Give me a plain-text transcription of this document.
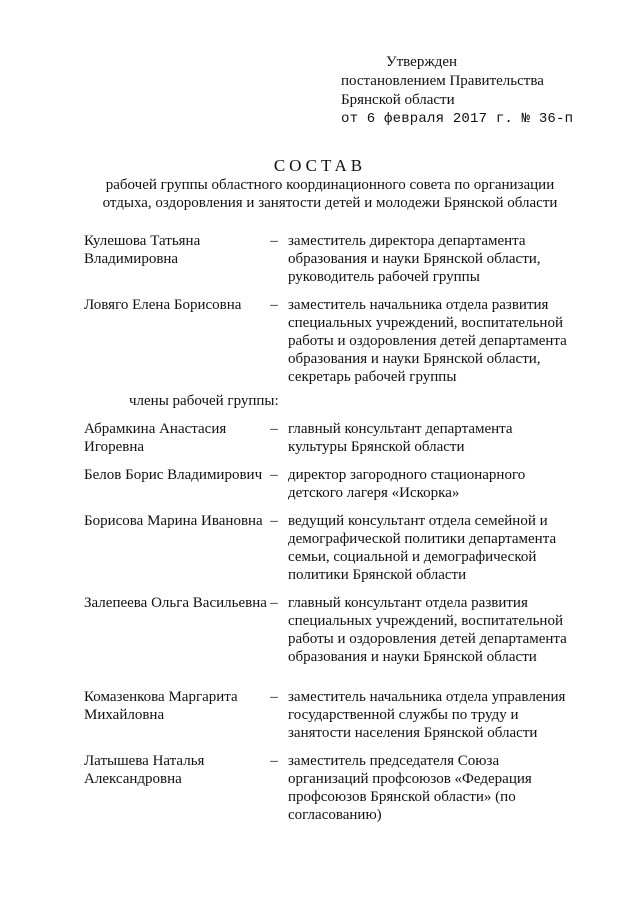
Утвержден
постановлением Правительства
Брянской области
от 6 февраля 2017 г. № 36-п
СОСТАВ
рабочей группы областного координационного совета по организации отдыха, оздоровления и занятости детей и молодежи Брянской области
Кулешова Татьяна Владимировна
– заместитель директора департамента образования и науки Брянской области, руководитель рабочей группы
Ловяго Елена Борисовна	– заместитель начальника отдела развития специальных учреждений, воспитательной работы и оздоровления детей департамента образования и науки Брянской области, секретарь рабочей группы
члены рабочей группы:
Абрамкина Анастасия Игоревна
– главный консультант департамента культуры Брянской области
Белов Борис Владимирович – директор загородного стационарного детского лагеря «Искорка»
Борисова Марина Ивановна – ведущий консультант отдела семейной и демографической политики департамента семьи, социальной и демографической политики Брянской области
Залепеева Ольга Васильевна – главный консультант отдела развития специальных учреждений, воспитательной работы и оздоровления детей департамента образования и науки Брянской области
Комазенкова Маргарита Михайловна
– заместитель начальника отдела управления государственной службы по труду и занятости населения Брянской области
Латышева Наталья Александровна
– заместитель председателя Союза организаций профсоюзов «Федерация профсоюзов Брянской области» (по согласованию)
